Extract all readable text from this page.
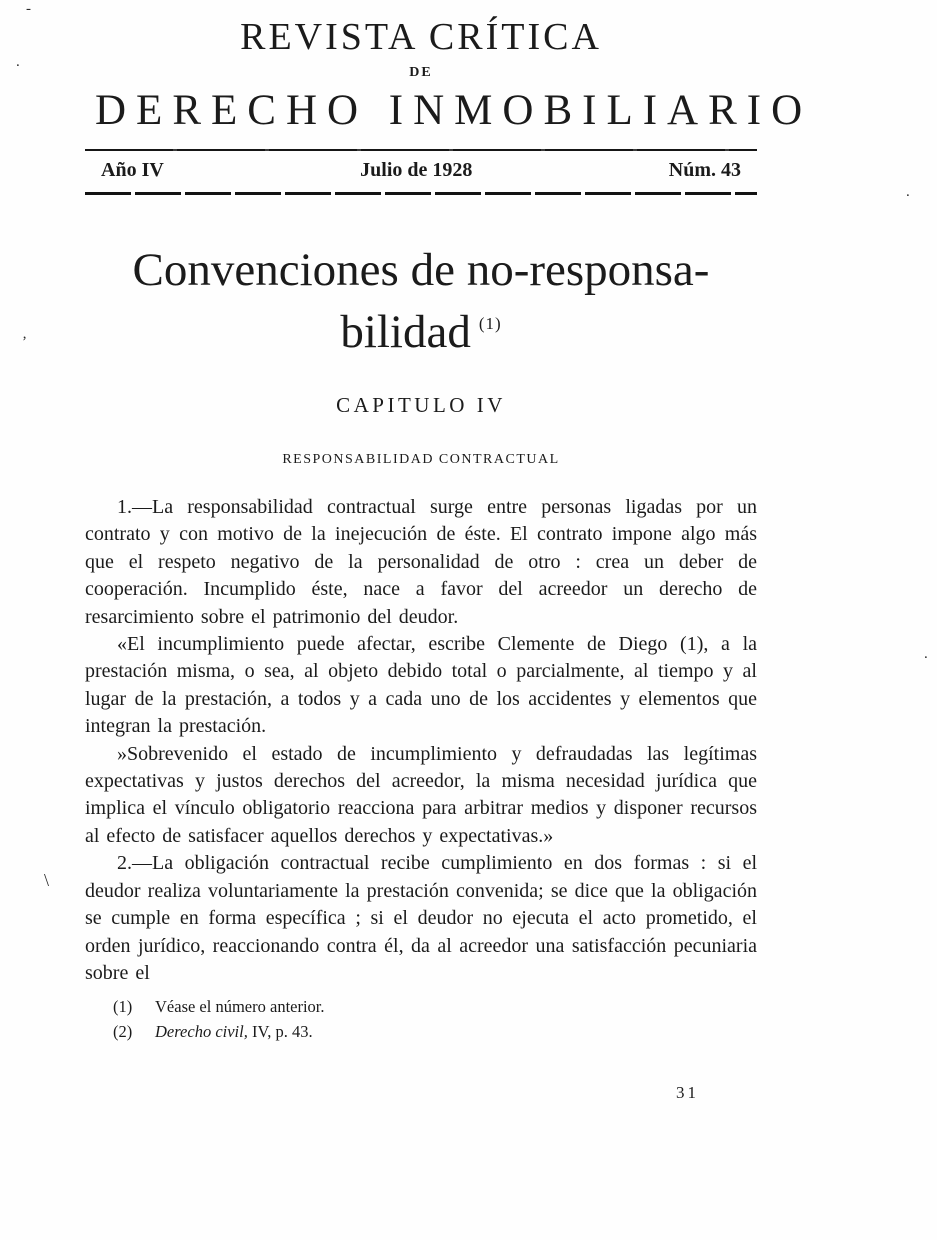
-
.
‚
\
.
.
REVISTA CRÍTICA
DE
DERECHO INMOBILIARIO
Año IV	Julio de 1928	Núm. 43
Convenciones de no-responsa-
bilidad $^{(1)}$
CAPITULO IV
RESPONSABILIDAD CONTRACTUAL

1.—La responsabilidad contractual surge entre personas ligadas por un contrato y con motivo de la inejecución de éste. El contrato impone algo más que el respeto negativo de la personalidad de otro : crea un deber de cooperación. Incumplido éste, nace a favor del acreedor un derecho de resarcimiento sobre el patrimonio del deudor.

«El incumplimiento puede afectar, escribe Clemente de Diego (1), a la prestación misma, o sea, al objeto debido total o parcialmente, al tiempo y al lugar de la prestación, a todos y a cada uno de los accidentes y elementos que integran la prestación.

»Sobrevenido el estado de incumplimiento y defraudadas las legítimas expectativas y justos derechos del acreedor, la misma necesidad jurídica que implica el vínculo obligatorio reacciona para arbitrar medios y disponer recursos al efecto de satisfacer aquellos derechos y expectativas.»

2.—La obligación contractual recibe cumplimiento en dos formas : si el deudor realiza voluntariamente la prestación convenida; se dice que la obligación se cumple en forma específica ; si el deudor no ejecuta el acto prometido, el orden jurídico, reaccionando contra él, da al acreedor una satisfacción pecuniaria sobre el

(1) Véase el número anterior.
(2) Derecho civil, IV, p. 43.
31
